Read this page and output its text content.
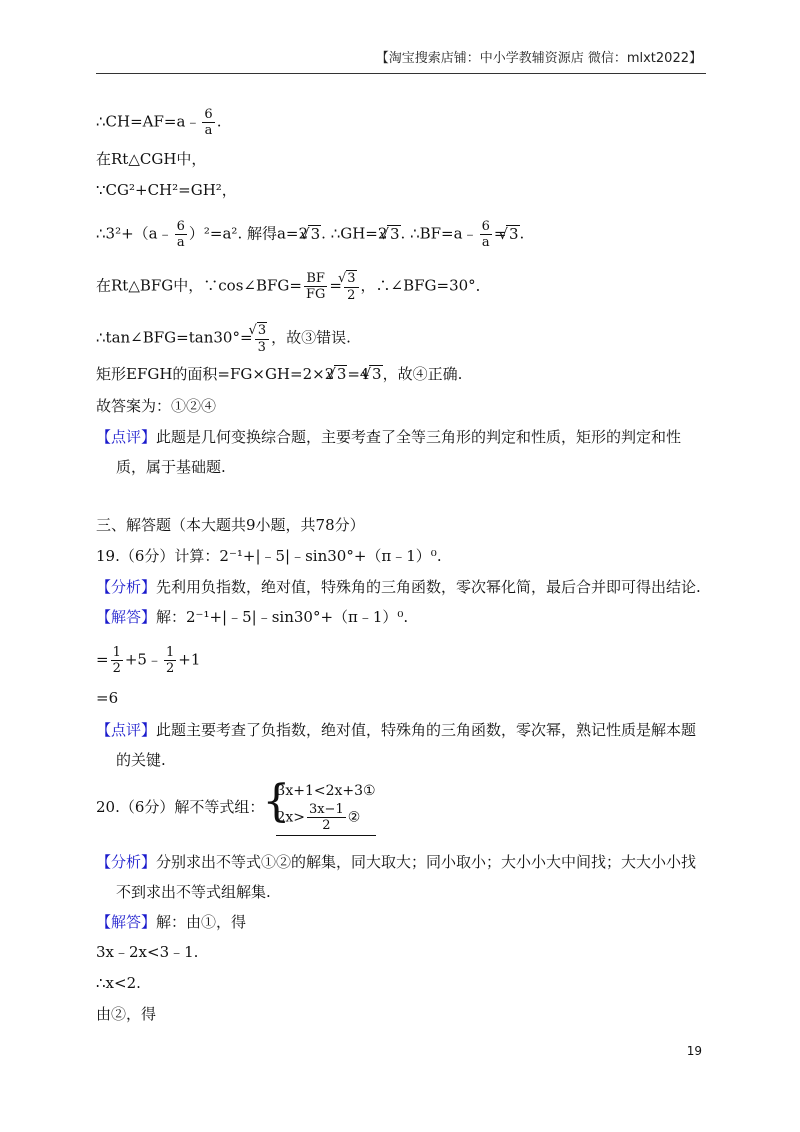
【淘宝搜索店铺：中小学教辅资源店 微信：mlxt2022】
∴CH=AF=a﹣ $\frac{6}{a}$ .
在Rt△CGH中，
∵CG²+CH²=GH²，
∴3²+（a﹣ $\frac{6}{a} )^2=a^2$. 解得a=2 √ 3. ∴GH=2 √ 3. ∴BF=a﹣ $\frac{6}{a}$ = √ 3.
在Rt△BFG中，∵cos∠BFG= $\frac{BF}{FG}$ = √ $\frac{3}{2}$ ，∴∠BFG=30°．
∴tan∠BFG=tan30°= √ $\frac{3}{3}$ ，故③错误.
矩形EFGH的面积=FG×GH=2×2 √ 3=4 √ 3，故④正确.
故答案为：①②④
【点评】此题是几何变换综合题，主要考查了全等三角形的判定和性质，矩形的判定和性
质，属于基础题.
三、解答题（本大题共9小题，共78分）
19.（6分）计算：2⁻¹+|﹣5|﹣sin30°+（π﹣1）⁰.
【分析】先利用负指数，绝对值，特殊角的三角函数，零次幂化简，最后合并即可得出结论.
【解答】解：2⁻¹+|﹣5|﹣sin30°+（π﹣1）⁰.
= $\frac{1}{2}$ +5﹣ $\frac{1}{2} +1$
=6
【点评】此题主要考查了负指数，绝对值，特殊角的三角函数，零次幂，熟记性质是解本题
的关键.
20.（6分）解不等式组：
{ 3x+1<2x+3①
$2x> \frac{3x-1}{2}$ ②
【分析】分别求出不等式①②的解集，同大取大；同小取小；大小小大中间找；大大小小找
不到求出不等式组解集.
【解答】解：由①，得
3x﹣2x<3﹣1.
∴x<2.
由②，得
19
